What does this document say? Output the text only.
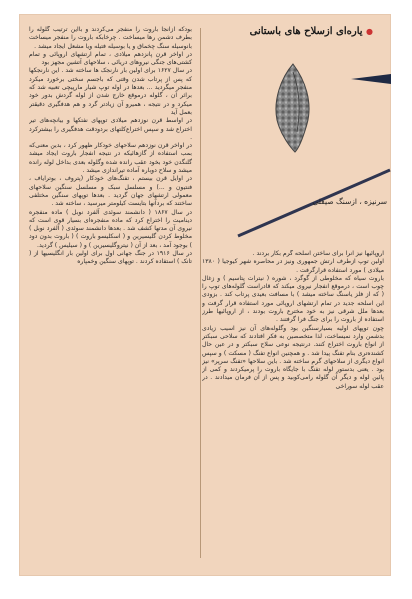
● یاره‌ای ازسلاح های باستانی
سرنیزه ، ازسنگ صیقلی
بودکه ازآنجا باروت را منفجر می‌کردند و بااین ترتیب گلوله را بطرف دشمن رها میساخت . چرخابکه باروت را منفجر میساخت بانوسیله سنگ چخماق و یا بوسیله فتیله ویا مشعل ایجاد میشد .
در اواخر قرن پانزدهم میلادی ، تمام ارتشهای اروپائی و تمام کشتی‌های جنگی نیروهای دریائی ، سلاحهای آتشین مجهز بود
در سال ۱۶۲۷ برای اولین بار نارنجک ها ساخته شد . این نارنجکها که پس از پرتاب شدن وقتی که باجسم سختی برخورد میکرد منفجر میگردید ... بعدها در اوله توپ شیار مارپیچی تعبیه شد که براثر آن ، گلوله درموقع خارج شدن از لوله گردش بدور خود میکرد و در نتیجه ، همیرو آن زیادتر گرد و هم هدفگیری دقیقتر بعمل آید
در اواسط قرن نوزدهم میلادی توپهای نفتکها و بیانچه‌های تیر اختراع شد و سپس اختراع‌کلتهای بردودقت هدفگیری را بیشترکرد .
در اواخر قرن نوزدهم سلاحهای خودکار ظهور کرد ، بدین معنی‌که بمب استفاده از گازهائیکه در نتیجه انفجار باروت ایجاد میشد گلنگدن خود بخود عقب رانده شده وگلوله بعدی بداخل لوله رانده میشد و سلاح دوباره آماده تیراندازی میشد .
در اوایل قرن بیستم ، تفنگ‌های خودکار (پتروف ، بوترایاف ، فنتیون و ...) و مسلسل سبک و مسلسل سنگین سلاحهای معمولی ارتشهای جهان گردید . بعدها توپهای سنگین مختلفی ساختند که بردآنها بتایست کیلومتر میرسید ، ساخته شد .
در سال ۱۸۶۷ ( دانشمند سوئدی آلفرد نوبل ) ماده منفجره دینامیت را اختراع کرد که ماده منفجره‌ای بسیار قوی است که نیروی آن مدتها کشف شد . بعدها دانشمند سوئدی ( آلفرد نوبل ) مخلوط کردن گلیسیرین و ( اسکلیسو باروت ) ( باروت بدون دود ) بوجود آمد ، بعد از آن ( نیتروگلیسیرین ) و ( سیلیس ) گردید.
در سال ۱۹۱۶ در جنگ جهانی اول برای اولین بار انگلیسیها از ( تانک ) استفاده کردند . توپهای سنگین وخمپاره
اروپائیها نیز آنرا برای ساختن اسلحه گرم بکار بردند .
اولین توپ ازطرف ارتش جمهوری ونیز در محاصره شهر کیوجیا ( ۱۳۸۰ میلادی ) مورد استفاده قرارگرفت .
باروت سیاه که مخلوطی از گوگرد ، شوره ( نیترات پتاسیم ) و زغال چوب است ، درموقع انفجار نیروی میکند که قادراست گلوله‌های توپ را ( که از فلز یاسنگ ساخته میشد ) با مسافت بعیدی پرتاب کند . بزودی این اسلحه جدید در تمام ارتشهای اروپائی مورد استفاده قرار گرفت و بعدها ملل شرقی نیز به خود مخترع باروت بودند ، از اروپائیها طرز استفاده از باروت را برای جنگ فرا گرفتند .
چون توپهای اولیه بسیارسنگین بود وگلوله‌های آن نیز اسیب زیادی بدشمن وارد نمیساخت، لذا متخصصین به فکر افتادند که سلاحی سبکتر از انواع باروت اختراع کنند. درنتیجه نوعی سلاح سبکتر و در عین حال کشنده‌تری بنام تفنگ پیدا شد . و همچنین انواع تفنگ ( مسکت ) و سپس انواع دیگری از سلاحهای گرم ساخته شد . باین سلاحها «تفنگ سرپر» نیز بود . یعنی بدستور لوله تفنگ با جایگاه باروت را پرمیکردند و کمی از پائین لوله و دیگر آن گلوله رامی‌کوبید و پس از آن فرمان میدادند . در عقب لوله سوراخی
